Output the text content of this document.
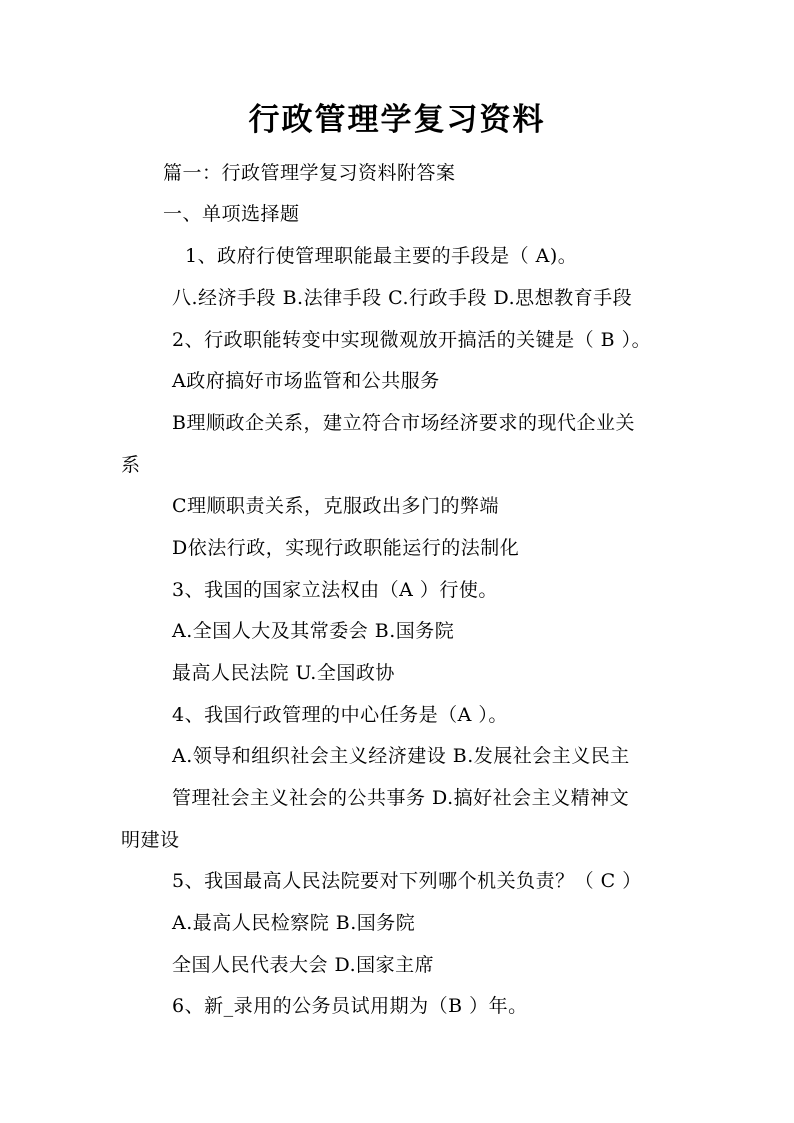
行政管理学复习资料
篇一：行政管理学复习资料附答案
一、单项选择题
1、政府行使管理职能最主要的手段是（ A)。
八.经济手段 B.法律手段 C.行政手段 D.思想教育手段
2、行政职能转变中实现微观放开搞活的关键是（ B ）。
A政府搞好市场监管和公共服务
B理顺政企关系，建立符合市场经济要求的现代企业关
系
C理顺职责关系，克服政出多门的弊端
D依法行政，实现行政职能运行的法制化
3、我国的国家立法权由（A ）行使。
A.全国人大及其常委会 B.国务院
最高人民法院 U.全国政协
4、我国行政管理的中心任务是（A ）。
A.领导和组织社会主义经济建设 B.发展社会主义民主
管理社会主义社会的公共事务 D.搞好社会主义精神文
明建设
5、我国最高人民法院要对下列哪个机关负责？（ C ）
A.最高人民检察院 B.国务院
全国人民代表大会 D.国家主席
6、新_录用的公务员试用期为（B ）年。
